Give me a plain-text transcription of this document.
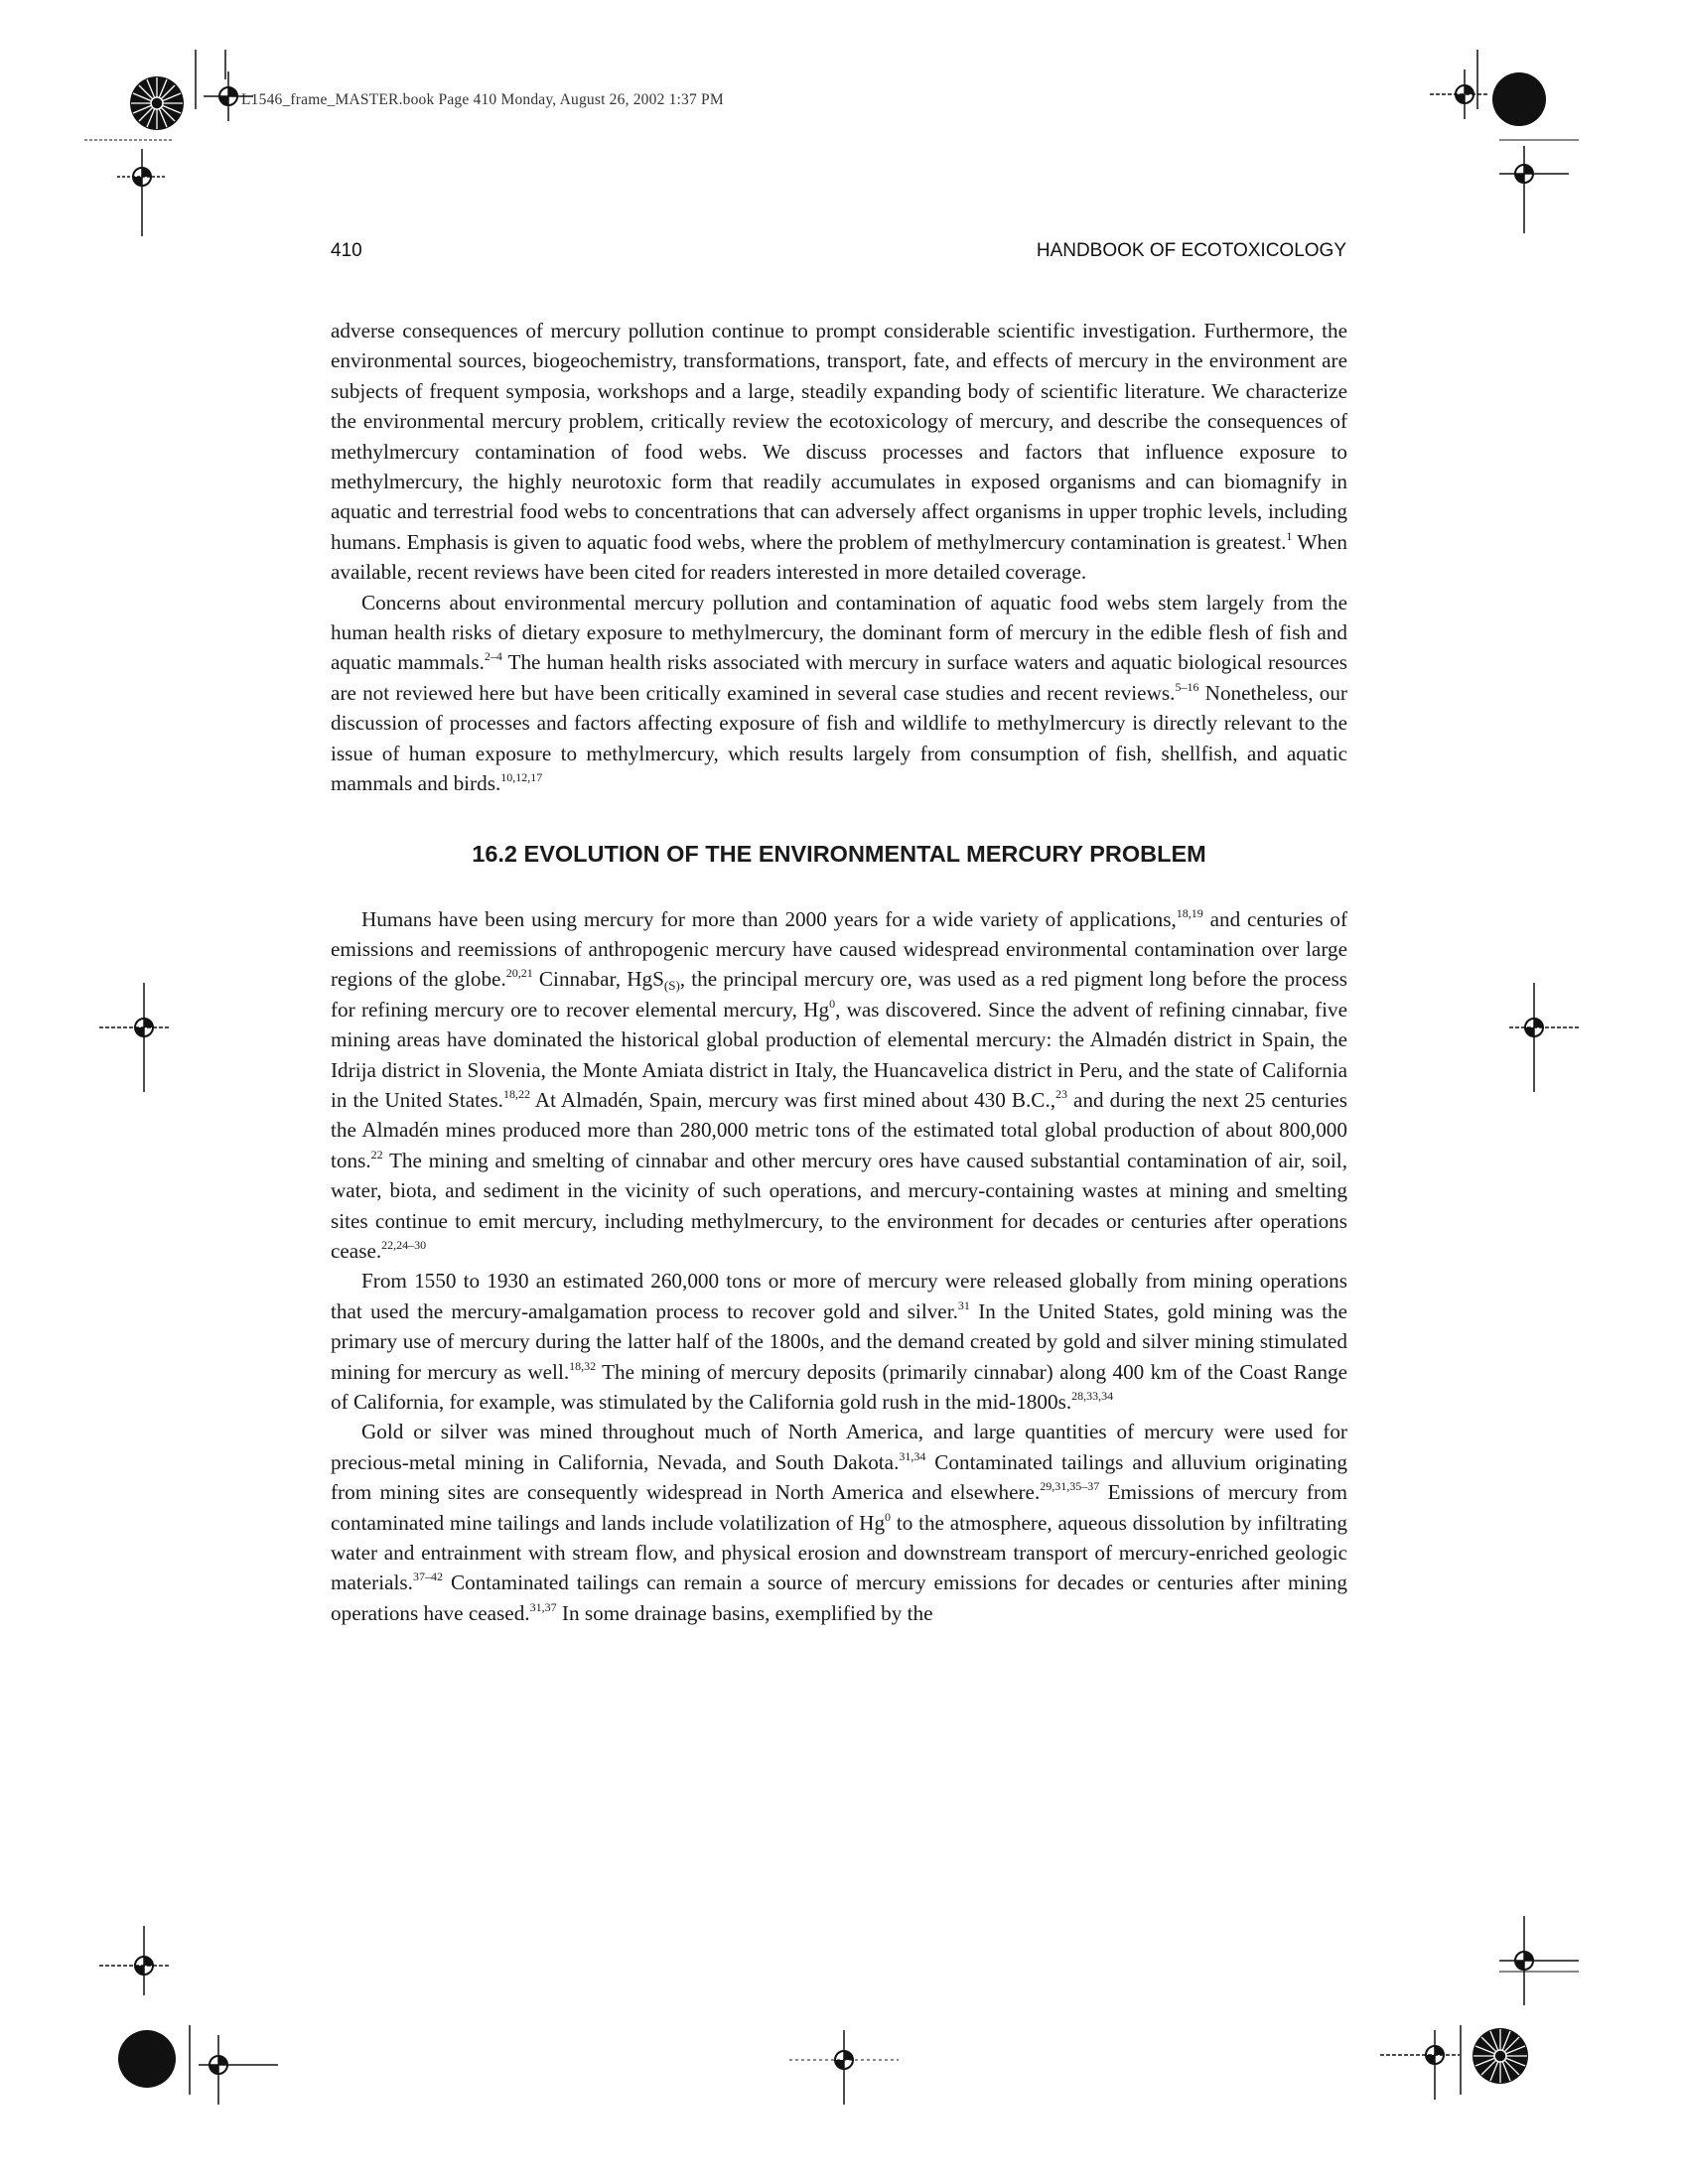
L1546_frame_MASTER.book Page 410 Monday, August 26, 2002 1:37 PM
410	HANDBOOK OF ECOTOXICOLOGY

adverse consequences of mercury pollution continue to prompt considerable scientific investigation. Furthermore, the environmental sources, biogeochemistry, transformations, transport, fate, and effects of mercury in the environment are subjects of frequent symposia, workshops and a large, steadily expanding body of scientific literature. We characterize the environmental mercury problem, critically review the ecotoxicology of mercury, and describe the consequences of methylmercury contamination of food webs. We discuss processes and factors that influence exposure to methylmercury, the highly neurotoxic form that readily accumulates in exposed organisms and can biomagnify in aquatic and terrestrial food webs to concentrations that can adversely affect organisms in upper trophic levels, including humans. Emphasis is given to aquatic food webs, where the problem of methylmercury contamination is greatest.$^1$ When available, recent reviews have been cited for readers interested in more detailed coverage.

Concerns about environmental mercury pollution and contamination of aquatic food webs stem largely from the human health risks of dietary exposure to methylmercury, the dominant form of mercury in the edible flesh of fish and aquatic mammals.$^{2-4}$ The human health risks associated with mercury in surface waters and aquatic biological resources are not reviewed here but have been critically examined in several case studies and recent reviews.$^{5-16}$ Nonetheless, our discussion of processes and factors affecting exposure of fish and wildlife to methylmercury is directly relevant to the issue of human exposure to methylmercury, which results largely from consumption of fish, shellfish, and aquatic mammals and birds.$^{10,12,17}$

16.2 EVOLUTION OF THE ENVIRONMENTAL MERCURY PROBLEM

Humans have been using mercury for more than 2000 years for a wide variety of applications,$^{18,19}$ and centuries of emissions and reemissions of anthropogenic mercury have caused widespread environmental contamination over large regions of the globe.$^{20,21}$ Cinnabar, HgS$_{(S)}$, the principal mercury ore, was used as a red pigment long before the process for refining mercury ore to recover elemental mercury, Hg$^0$, was discovered. Since the advent of refining cinnabar, five mining areas have dominated the historical global production of elemental mercury: the Almadén district in Spain, the Idrija district in Slovenia, the Monte Amiata district in Italy, the Huancavelica district in Peru, and the state of California in the United States.$^{18,22}$ At Almadén, Spain, mercury was first mined about 430 B.C.,$^{23}$ and during the next 25 centuries the Almadén mines produced more than 280,000 metric tons of the estimated total global production of about 800,000 tons.$^{22}$ The mining and smelting of cinnabar and other mercury ores have caused substantial contamination of air, soil, water, biota, and sediment in the vicinity of such operations, and mercury-containing wastes at mining and smelting sites continue to emit mercury, including methylmercury, to the environment for decades or centuries after operations cease.$^{22,24-30}$

From 1550 to 1930 an estimated 260,000 tons or more of mercury were released globally from mining operations that used the mercury-amalgamation process to recover gold and silver.$^{31}$ In the United States, gold mining was the primary use of mercury during the latter half of the 1800s, and the demand created by gold and silver mining stimulated mining for mercury as well.$^{18,32}$ The mining of mercury deposits (primarily cinnabar) along 400 km of the Coast Range of California, for example, was stimulated by the California gold rush in the mid-1800s.$^{28,33,34}$

Gold or silver was mined throughout much of North America, and large quantities of mercury were used for precious-metal mining in California, Nevada, and South Dakota.$^{31,34}$ Contaminated tailings and alluvium originating from mining sites are consequently widespread in North America and elsewhere.$^{29,31,35-37}$ Emissions of mercury from contaminated mine tailings and lands include volatilization of Hg$^0$ to the atmosphere, aqueous dissolution by infiltrating water and entrainment with stream flow, and physical erosion and downstream transport of mercury-enriched geologic materials.$^{37-42}$ Contaminated tailings can remain a source of mercury emissions for decades or centuries after mining operations have ceased.$^{31,37}$ In some drainage basins, exemplified by the
